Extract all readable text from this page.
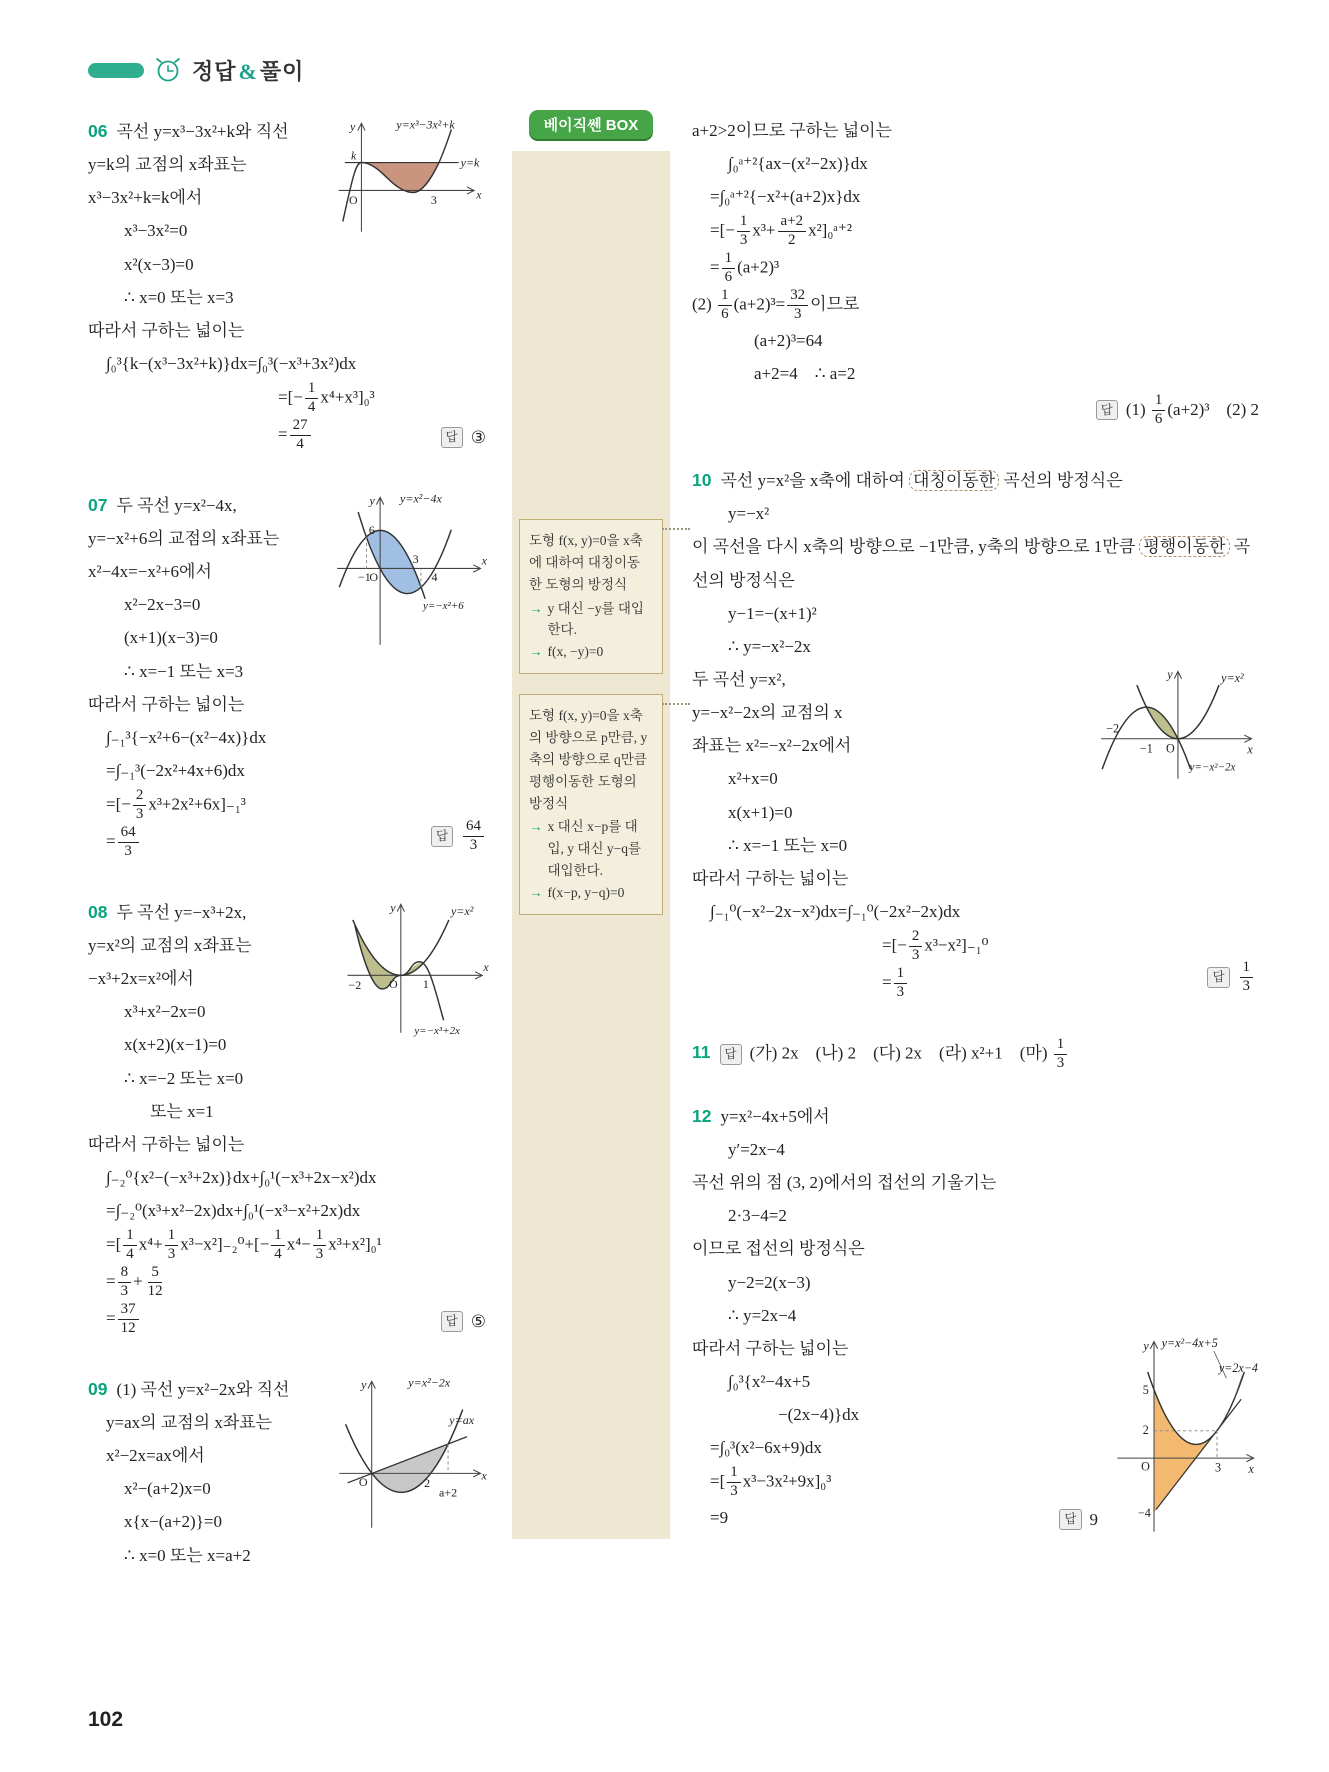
정답&풀이
y	y=x³−3x²+k
y=k
k
O	3	x

06 곡선 y=x³−3x²+k와 직선

y=k의 교점의 x좌표는
x³−3x²+k=k에서
x³−3x²=0
x²(x−3)=0
∴ x=0 또는 x=3
따라서 구하는 넓이는
∫₀³{k−(x³−3x²+k)}dx=∫₀³(−x³+3x²)dx
=[− $\frac{1}{4} x^4+x^3]_0^3$
= $\frac{27}{4}$	답 ③
y y=x²−4x
6
−1
O
3
4
x
y=−x²+6

07 두 곡선 y=x²−4x,

y=−x²+6의 교점의 x좌표는
x²−4x=−x²+6에서
x²−2x−3=0
(x+1)(x−3)=0
∴ x=−1 또는 x=3
따라서 구하는 넓이는
∫₋₁³{−x²+6−(x²−4x)}dx
=∫₋₁³(−2x²+4x+6)dx
=[− $\frac{2}{3} x^3+2x^2+6x]_{-1}^3$
= $\frac{64}{3}$	답	$\frac{64}{3}$
y	y=x²
−2 O 1
x
y=−x³+2x

08 두 곡선 y=−x³+2x,

y=x²의 교점의 x좌표는
−x³+2x=x²에서
x³+x²−2x=0
x(x+2)(x−1)=0
∴ x=−2 또는 x=0
또는 x=1
따라서 구하는 넓이는
∫₋₂⁰{x²−(−x³+2x)}dx+∫₀¹(−x³+2x−x²)dx
=∫₋₂⁰(x³+x²−2x)dx+∫₀¹(−x³−x²+2x)dx
=[ $\frac{1}{4} x^4+ \frac{1}{3} x^3-x^2]_{-2}^0+[- \frac{1}{4} x^4- \frac{1}{3} x^3+x^2]_0^1$
= $\frac{8}{3} + \frac{5}{12}$
= $\frac{37}{12}$	답 ⑤
y	y=x²−2x
y=ax
O	2
a+2
x

09 (1) 곡선 y=x²−2x와 직선

y=ax의 교점의 x좌표는
x²−2x=ax에서
x²−(a+2)x=0
x{x−(a+2)}=0
∴ x=0 또는 x=a+2
베이직쎈 BOX

도형 f(x, y)=0을 x축에 대하여 대칭이동한 도형의 방정식

→
y 대신 −y를 대입한다.

→
f(x, −y)=0

도형 f(x, y)=0을 x축의 방향으로 p만큼, y축의 방향으로 q만큼 평행이동한 도형의 방정식

→
x 대신 x−p를 대입, y 대신 y−q를 대입한다.

→
f(x−p, y−q)=0

a+2>2이므로 구하는 넓이는
∫₀ᵃ⁺²{ax−(x²−2x)}dx
=∫₀ᵃ⁺²{−x²+(a+2)x}dx
=[− $\frac{1}{3} x^3+ \frac{a+2}{2}$ x²]₀ᵃ⁺²
= $\frac{1}{6} (a+2)^3$
$(2) \frac{1}{6} (a+2)^3= \frac{32}{3}$ 이므로
(a+2)³=64
a+2=4 ∴ a=2
답 $(1) \frac{1}{6} (a+2)^3$ (2) 2

10 곡선 y=x²을 x축에 대하여 대칭이동한 곡선의 방정식은

y=−x²

이 곡선을 다시 x축의 방향으로 −1만큼, y축의 방향으로 1만큼 평행이동한 곡선의 방정식은

y−1=−(x+1)²
∴ y=−x²−2x
y	y=x²
y=−x²−2x
−2
−1 O	x
두 곡선 y=x²,
y=−x²−2x의 교점의 x
좌표는 x²=−x²−2x에서
x²+x=0
x(x+1)=0
∴ x=−1 또는 x=0
따라서 구하는 넓이는
∫₋₁⁰(−x²−2x−x²)dx=∫₋₁⁰(−2x²−2x)dx
=[− $\frac{2}{3} x^3-x^2]_{-1}^0$
= $\frac{1}{3}$	답	$\frac{1}{3}$
11	답 (가) 2x (나) 2 (다) 2x (라) x²+1 (마) $\frac{1}{3}$

12 y=x²−4x+5에서

y′=2x−4
곡선 위의 점 (3, 2)에서의 접선의 기울기는
2·3−4=2
이므로 접선의 방정식은
y−2=2(x−3)
∴ y=2x−4
y y=x²−4x+5
y=2x−4
5
2
O	3
−4
x
따라서 구하는 넓이는
∫₀³{x²−4x+5
−(2x−4)}dx
=∫₀³(x²−6x+9)dx
=[ $\frac{1}{3} x^3-3x^2+9x]_0^3$
=9	답 9
102
